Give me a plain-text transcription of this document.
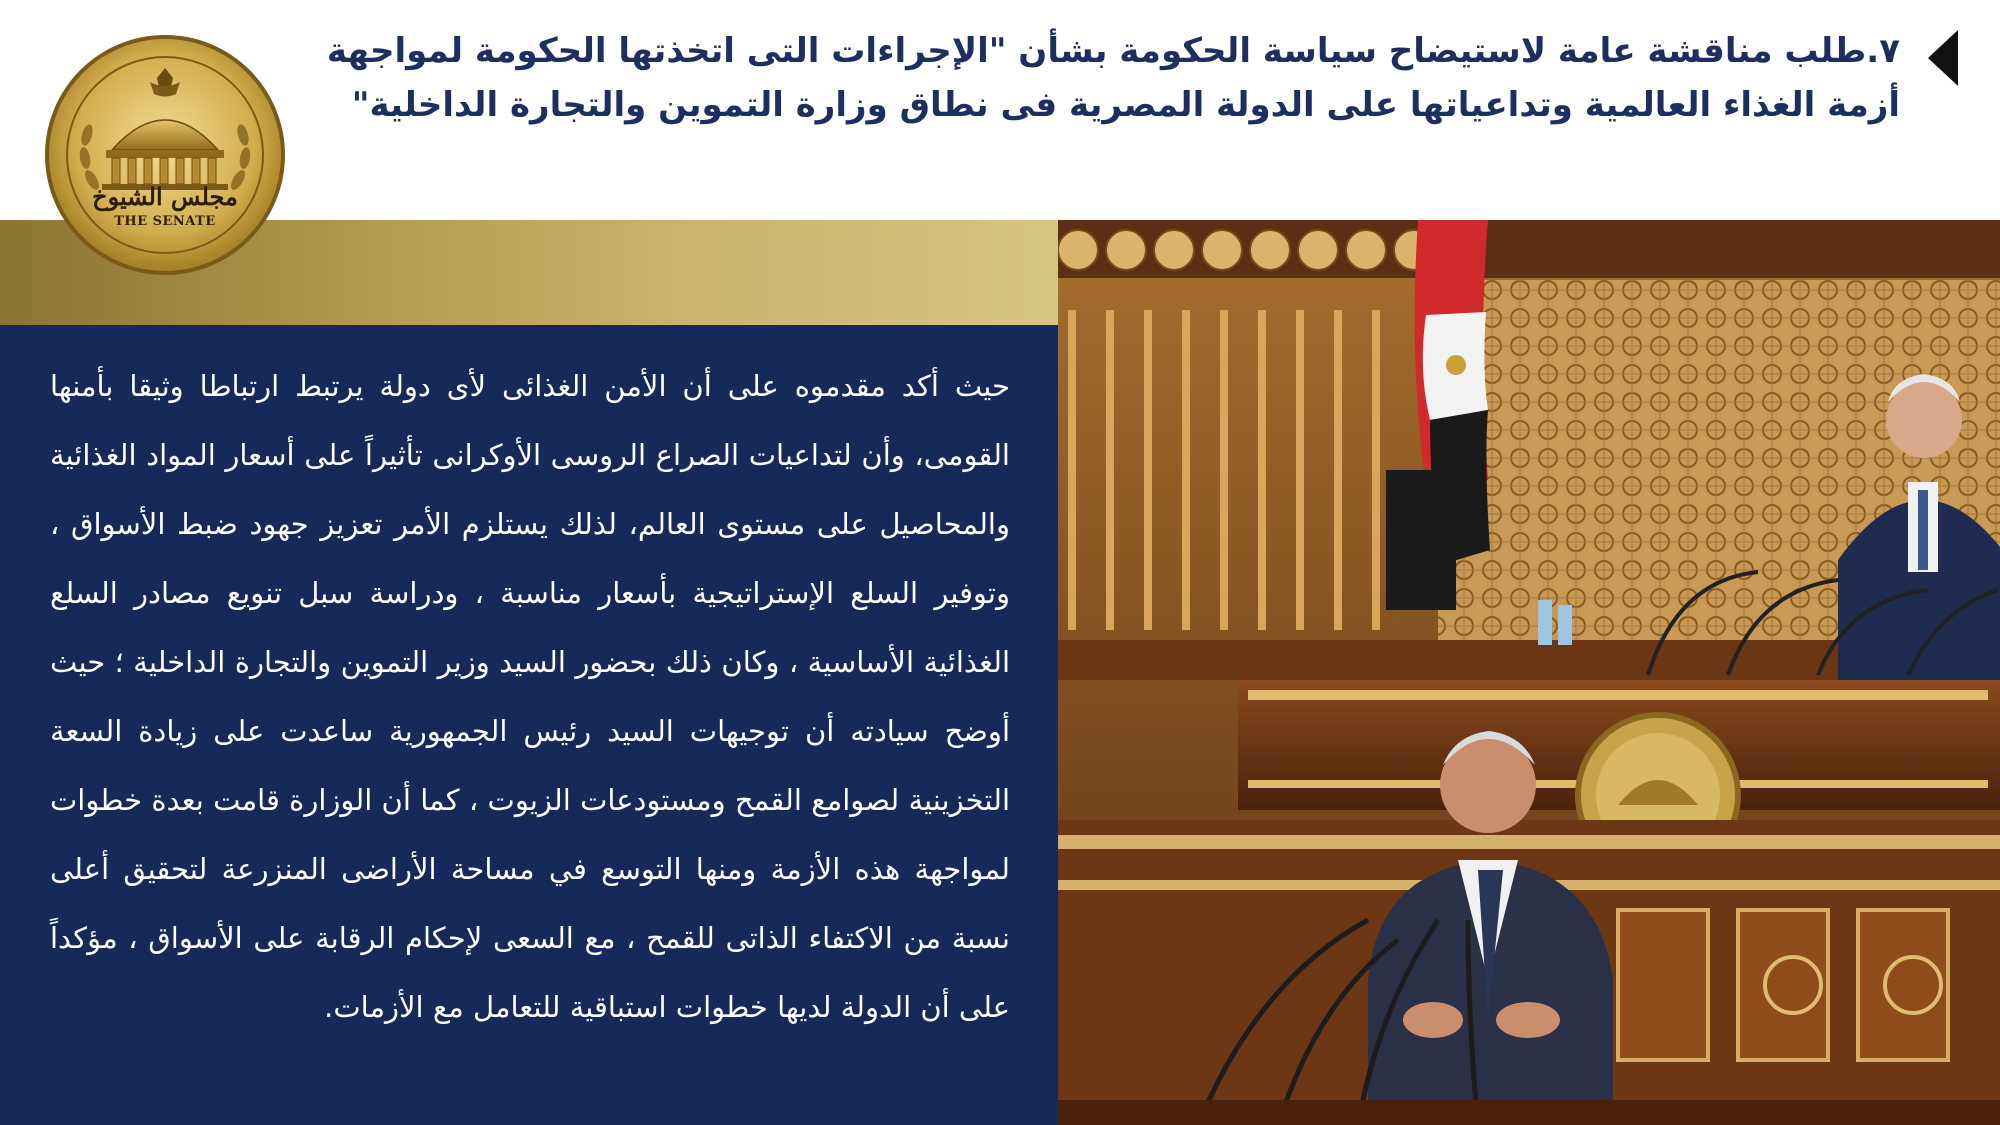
٧.طلب مناقشة عامة لاستيضاح سياسة الحكومة بشأن "الإجراءات التى اتخذتها الحكومة لمواجهة أزمة الغذاء العالمية وتداعياتها على الدولة المصرية فى نطاق وزارة التموين والتجارة الداخلية"
حيث أكد مقدموه على أن الأمن الغذائى لأى دولة يرتبط ارتباطا وثيقا بأمنها القومى، وأن لتداعيات الصراع الروسى الأوكرانى تأثيراً على أسعار المواد الغذائية والمحاصيل على مستوى العالم، لذلك يستلزم الأمر تعزيز جهود ضبط الأسواق ، وتوفير السلع الإستراتيجية بأسعار مناسبة ، ودراسة سبل تنويع مصادر السلع الغذائية الأساسية ، وكان ذلك بحضور السيد وزير التموين والتجارة الداخلية ؛ حيث أوضح سيادته أن توجيهات السيد رئيس الجمهورية ساعدت على زيادة السعة التخزينية لصوامع القمح ومستودعات الزيوت ، كما أن الوزارة قامت بعدة خطوات لمواجهة هذه الأزمة ومنها التوسع في مساحة الأراضى المنزرعة لتحقيق أعلى نسبة من الاكتفاء الذاتى للقمح ، مع السعى لإحكام الرقابة على الأسواق ، مؤكداً على أن الدولة لديها خطوات استباقية للتعامل مع الأزمات.
مجلس الشيوخ
THE SENATE
